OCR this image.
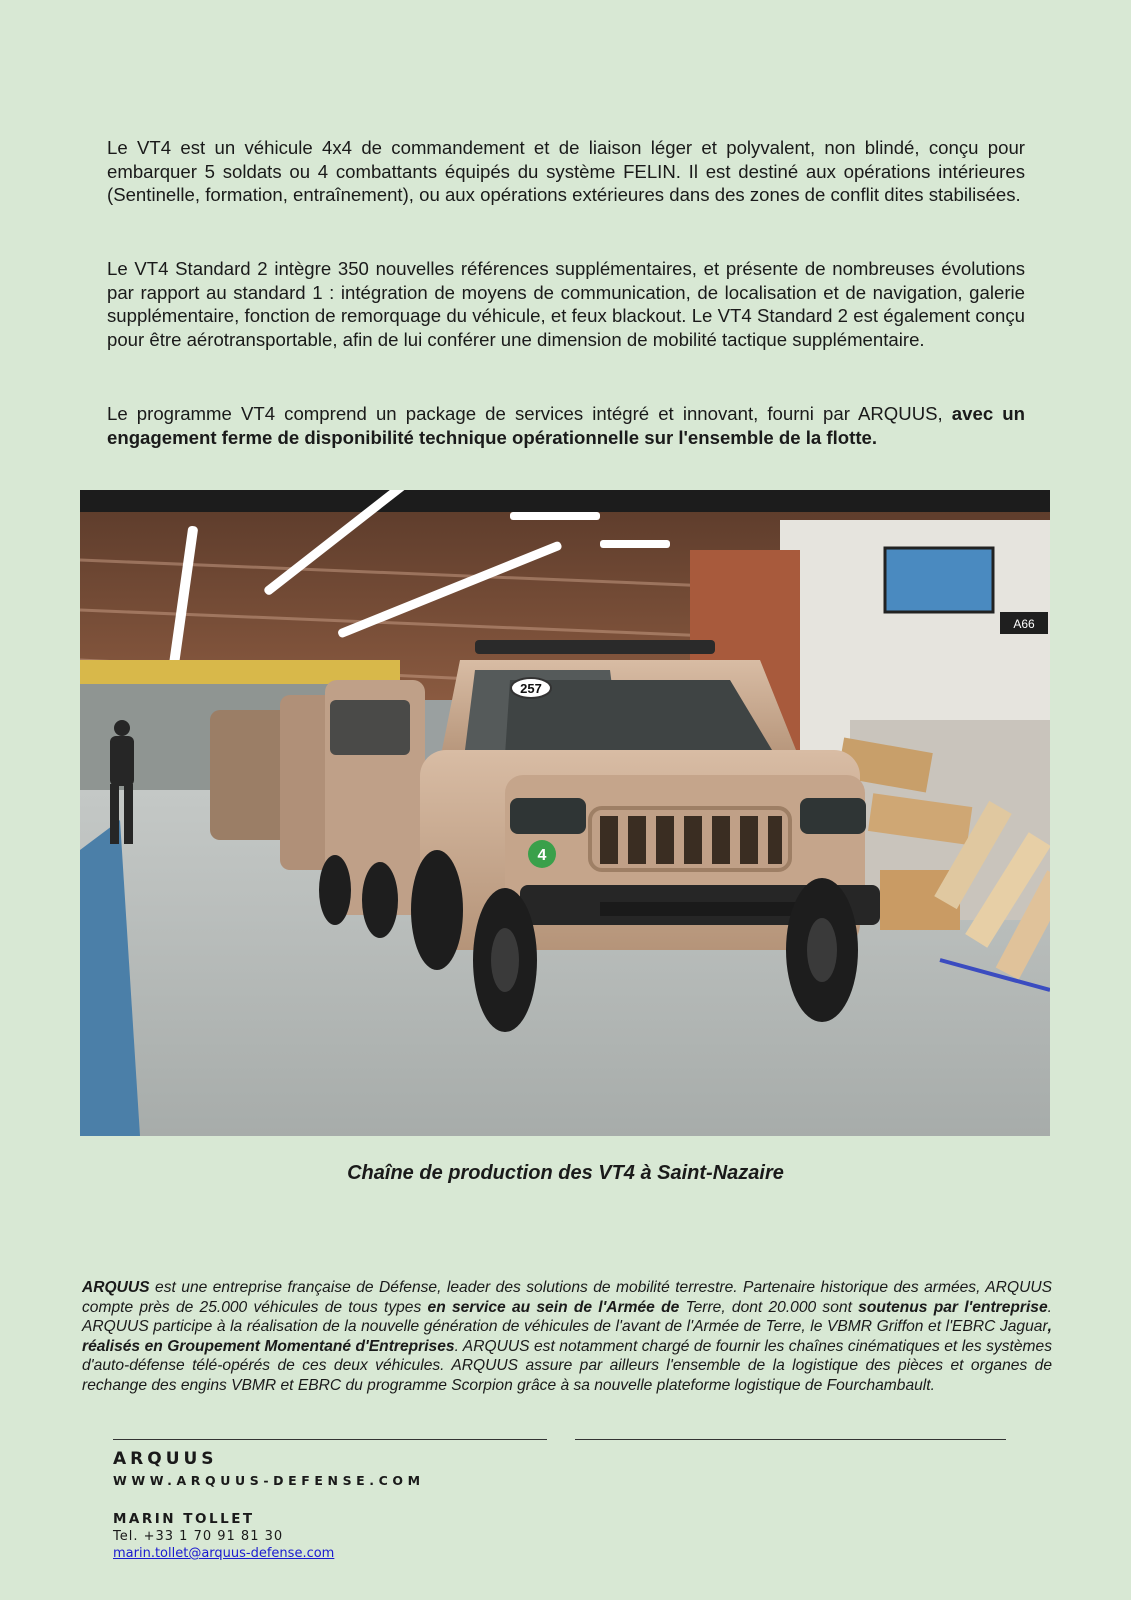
Le VT4 est un véhicule 4x4 de commandement et de liaison léger et polyvalent, non blindé, conçu pour embarquer 5 soldats ou 4 combattants équipés du système FELIN. Il est destiné aux opérations intérieures (Sentinelle, formation, entraînement), ou aux opérations extérieures dans des zones de conflit dites stabilisées.

Le VT4 Standard 2 intègre 350 nouvelles références supplémentaires, et présente de nombreuses évolutions par rapport au standard 1 : intégration de moyens de communication, de localisation et de navigation, galerie supplémentaire, fonction de remorquage du véhicule, et feux blackout. Le VT4 Standard 2 est également conçu pour être aérotransportable, afin de lui conférer une dimension de mobilité tactique supplémentaire.

Le programme VT4 comprend un package de services intégré et innovant, fourni par ARQUUS, avec un engagement ferme de disponibilité technique opérationnelle sur l'ensemble de la flotte.

A66
4
257
Chaîne de production des VT4 à Saint-Nazaire

ARQUUS est une entreprise française de Défense, leader des solutions de mobilité terrestre. Partenaire historique des armées, ARQUUS compte près de 25.000 véhicules de tous types en service au sein de l'Armée de Terre, dont 20.000 sont soutenus par l'entreprise. ARQUUS participe à la réalisation de la nouvelle génération de véhicules de l'avant de l'Armée de Terre, le VBMR Griffon et l'EBRC Jaguar, réalisés en Groupement Momentané d'Entreprises. ARQUUS est notamment chargé de fournir les chaînes cinématiques et les systèmes d'auto-défense télé-opérés de ces deux véhicules. ARQUUS assure par ailleurs l'ensemble de la logistique des pièces et organes de rechange des engins VBMR et EBRC du programme Scorpion grâce à sa nouvelle plateforme logistique de Fourchambault.

ARQUUS
WWW.ARQUUS-DEFENSE.COM
MARIN TOLLET
Tel. +33 1 70 91 81 30
marin.tollet@arquus-defense.com
